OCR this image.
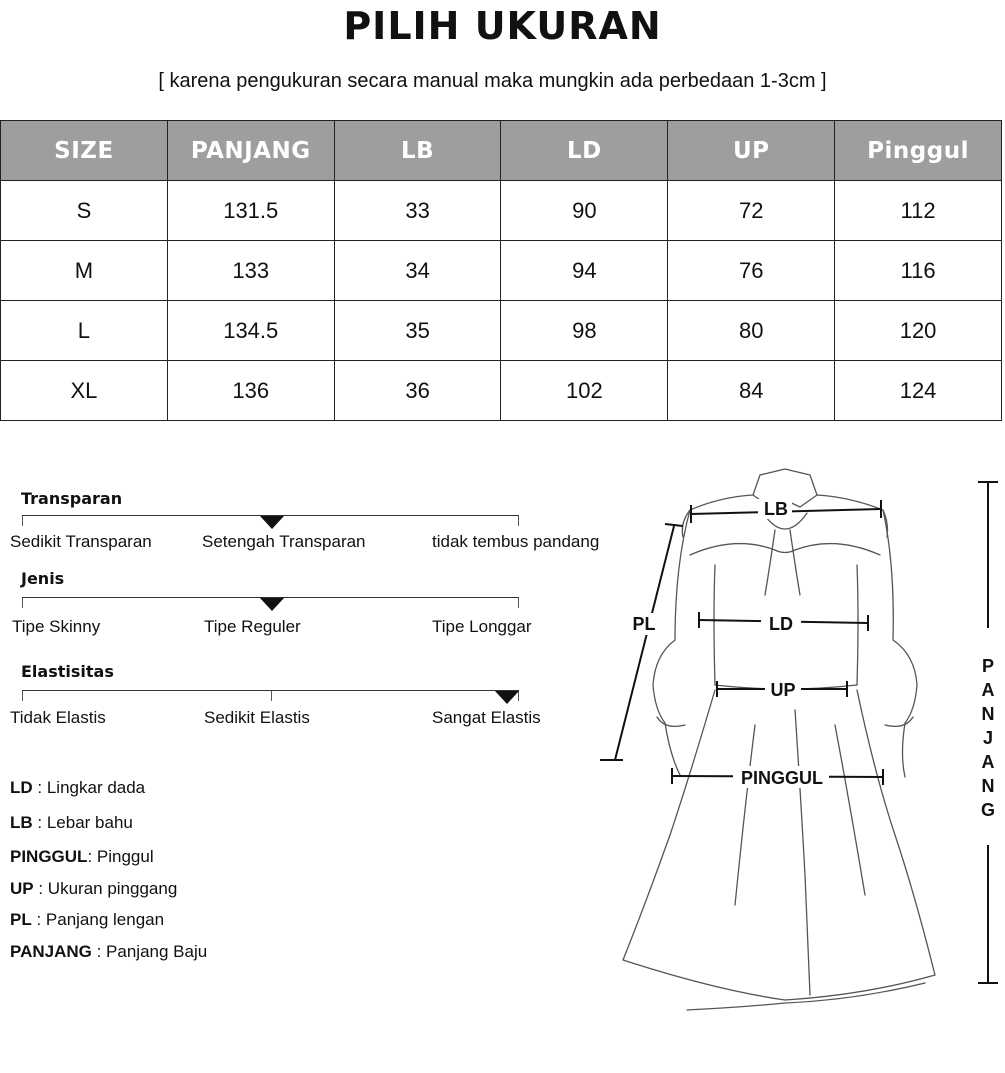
PILIH UKURAN
[ karena pengukuran secara manual maka mungkin ada perbedaan 1-3cm ]
SIZE	PANJANG	LB	LD	UP	Pinggul
S	131.5	33	90	72	112
M	133	34	94	76	116
L	134.5	35	98	80	120
XL	136	36	102	84	124
Transparan
Sedikit Transparan	Setengah Transparan	tidak tembus pandang
Jenis
Tipe Skinny	Tipe Reguler	Tipe Longgar
Elastisitas
Tidak Elastis	Sedikit Elastis	Sangat Elastis
LD : Lingkar dada
LB : Lebar bahu
PINGGUL: Pinggul
UP : Ukuran pinggang
PL : Panjang lengan
PANJANG : Panjang Baju
LB
LD
UP
PINGGUL
PL
P
A
N
J
A
N
G
